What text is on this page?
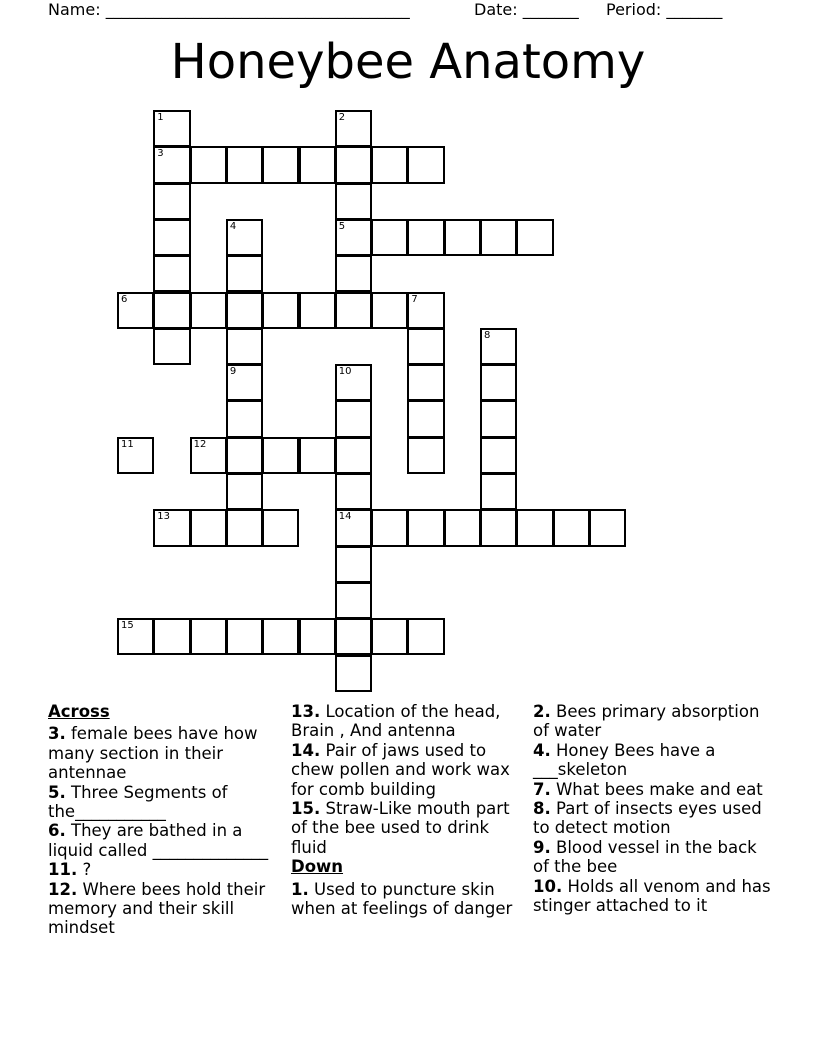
Name: ______________________________________	Date: _______ Period: _______
Honeybee Anatomy
1
3
2
5
4
6	7
8
9	10
14
11	12
13
15
Across
3. female bees have how many section in their antennae
5. Three Segments of the___________
6. They are bathed in a liquid called ______________
11. ?
12. Where bees hold their memory and their skill mindset
13. Location of the head, Brain , And antenna
14. Pair of jaws used to chew pollen and work wax for comb building
15. Straw-Like mouth part of the bee used to drink fluid
Down
1. Used to puncture skin when at feelings of danger
2. Bees primary absorption of water
4. Honey Bees have a ___skeleton
7. What bees make and eat
8. Part of insects eyes used to detect motion
9. Blood vessel in the back of the bee
10. Holds all venom and has stinger attached to it
